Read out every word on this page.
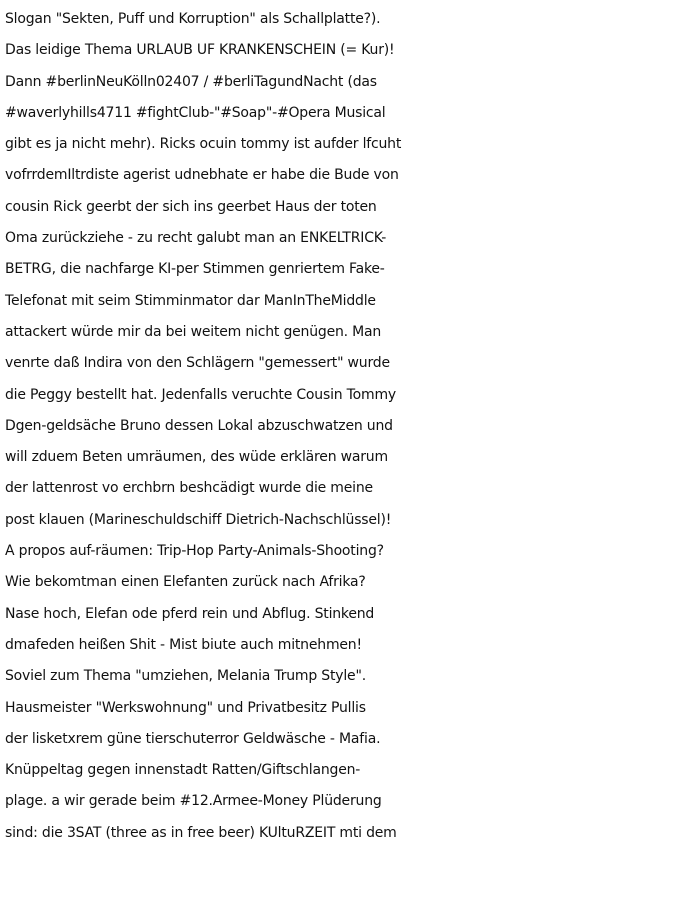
Slogan "Sekten, Puff und Korruption" als Schallplatte?).
Das leidige Thema URLAUB UF KRANKENSCHEIN (= Kur)!
Dann #berlinNeuKölln02407 / #berliTagundNacht (das
#waverlyhills4711 #fightClub-"#Soap"-#Opera Musical
gibt es ja nicht mehr). Ricks ocuin tommy ist aufder lfcuht
vofrrdemIltrdiste agerist udnebhate er habe die Bude von
cousin Rick geerbt der sich ins geerbet Haus der toten
Oma zurückziehe - zu recht galubt man an ENKELTRICK-
BETRG, die nachfarge KI-per Stimmen genriertem Fake-
Telefonat mit seim Stimminmator dar ManInTheMiddle
attackert würde mir da bei weitem nicht genügen. Man
venrte daß Indira von den Schlägern "gemessert" wurde
die Peggy bestellt hat. Jedenfalls veruchte Cousin Tommy
Dgen-geldsäche Bruno dessen Lokal abzuschwatzen und
will zduem Beten umräumen, des wüde erklären warum
der lattenrost vo erchbrn beshcädigt wurde die meine
post klauen (Marineschuldschiff Dietrich-Nachschlüssel)!
A propos auf-räumen: Trip-Hop Party-Animals-Shooting?
Wie bekomtman einen Elefanten zurück nach Afrika?
Nase hoch, Elefan ode pferd rein und Abflug. Stinkend
dmafeden heißen Shit - Mist biute auch mitnehmen!
Soviel zum Thema "umziehen, Melania Trump Style".
Hausmeister "Werkswohnung" und Privatbesitz Pullis
der lisketxrem güne tierschuterror Geldwäsche - Mafia.
Knüppeltag gegen innenstadt Ratten/Giftschlangen-
plage. a wir gerade beim #12.Armee-Money Plüderung
sind: die 3SAT (three as in free beer) KUltuRZEIT mti dem
